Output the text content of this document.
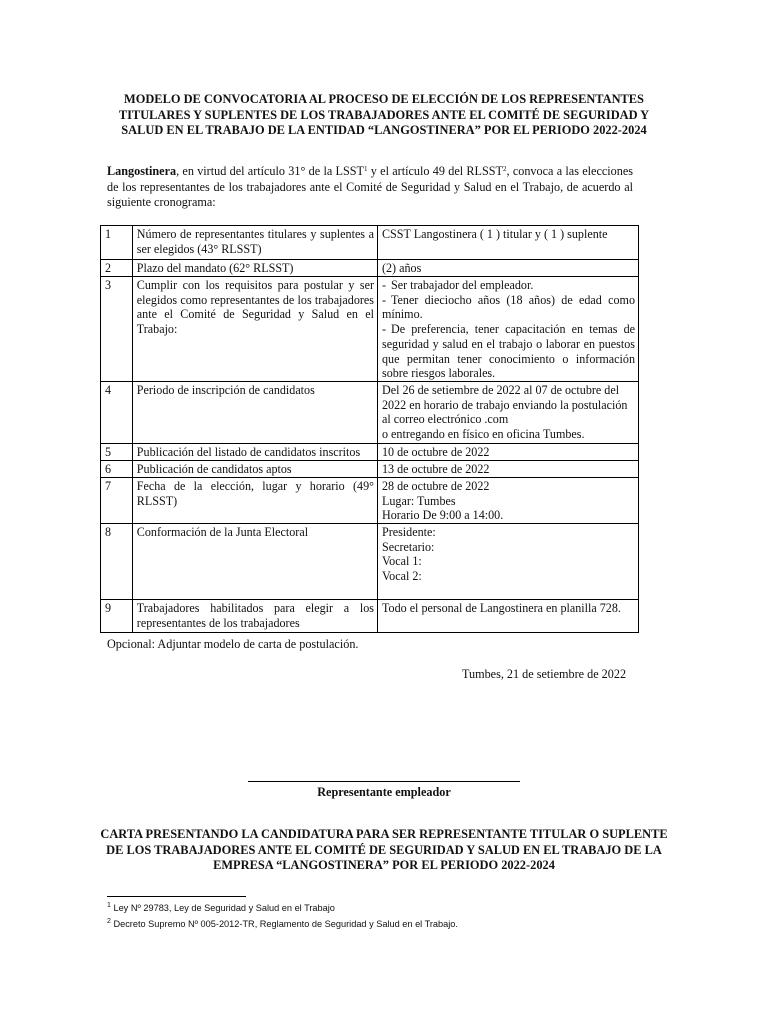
MODELO DE CONVOCATORIA AL PROCESO DE ELECCIÓN DE LOS REPRESENTANTES TITULARES Y SUPLENTES DE LOS TRABAJADORES ANTE EL COMITÉ DE SEGURIDAD Y SALUD EN EL TRABAJO DE LA ENTIDAD “LANGOSTINERA” POR EL PERIODO 2022-2024

Langostinera, en virtud del artículo 31° de la LSST$^1$ y el artículo 49 del RLSST$^2$, convoca a las elecciones de los representantes de los trabajadores ante el Comité de Seguridad y Salud en el Trabajo, de acuerdo al siguiente cronograma:

1	Número de representantes titulares y suplentes a ser elegidos (43° RLSST)	CSST Langostinera ( 1 ) titular y ( 1 ) suplente

2	Plazo del mandato (62° RLSST)	(2) años

3	Cumplir con los requisitos para postular y ser elegidos como representantes de los trabajadores ante el Comité de Seguridad y Salud en el Trabajo:	- Ser trabajador del empleador.
- Tener dieciocho años (18 años) de edad como mínimo.
- De preferencia, tener capacitación en temas de seguridad y salud en el trabajo o laborar en puestos que permitan tener conocimiento o información sobre riesgos laborales.

4	Periodo de inscripción de candidatos	Del 26 de setiembre de 2022 al 07 de octubre del 2022 en horario de trabajo enviando la postulación al correo electrónico .com
o entregando en físico en oficina Tumbes.

5	Publicación del listado de candidatos inscritos	10 de octubre de 2022

6	Publicación de candidatos aptos	13 de octubre de 2022

7	Fecha de la elección, lugar y horario (49° RLSST)	28 de octubre de 2022
Lugar: Tumbes
Horario De 9:00 a 14:00.

8	Conformación de la Junta Electoral	Presidente:
Secretario:
Vocal 1:
Vocal 2:

9	Trabajadores habilitados para elegir a los representantes de los trabajadores	Todo el personal de Langostinera en planilla 728.

Opcional: Adjuntar modelo de carta de postulación.

Tumbes, 21 de setiembre de 2022

Representante empleador

CARTA PRESENTANDO LA CANDIDATURA PARA SER REPRESENTANTE TITULAR O SUPLENTE DE LOS TRABAJADORES ANTE EL COMITÉ DE SEGURIDAD Y SALUD EN EL TRABAJO DE LA EMPRESA “LANGOSTINERA” POR EL PERIODO 2022-2024

$^1$ Ley Nº 29783, Ley de Seguridad y Salud en el Trabajo

$^2$ Decreto Supremo Nº 005-2012-TR, Reglamento de Seguridad y Salud en el Trabajo.
